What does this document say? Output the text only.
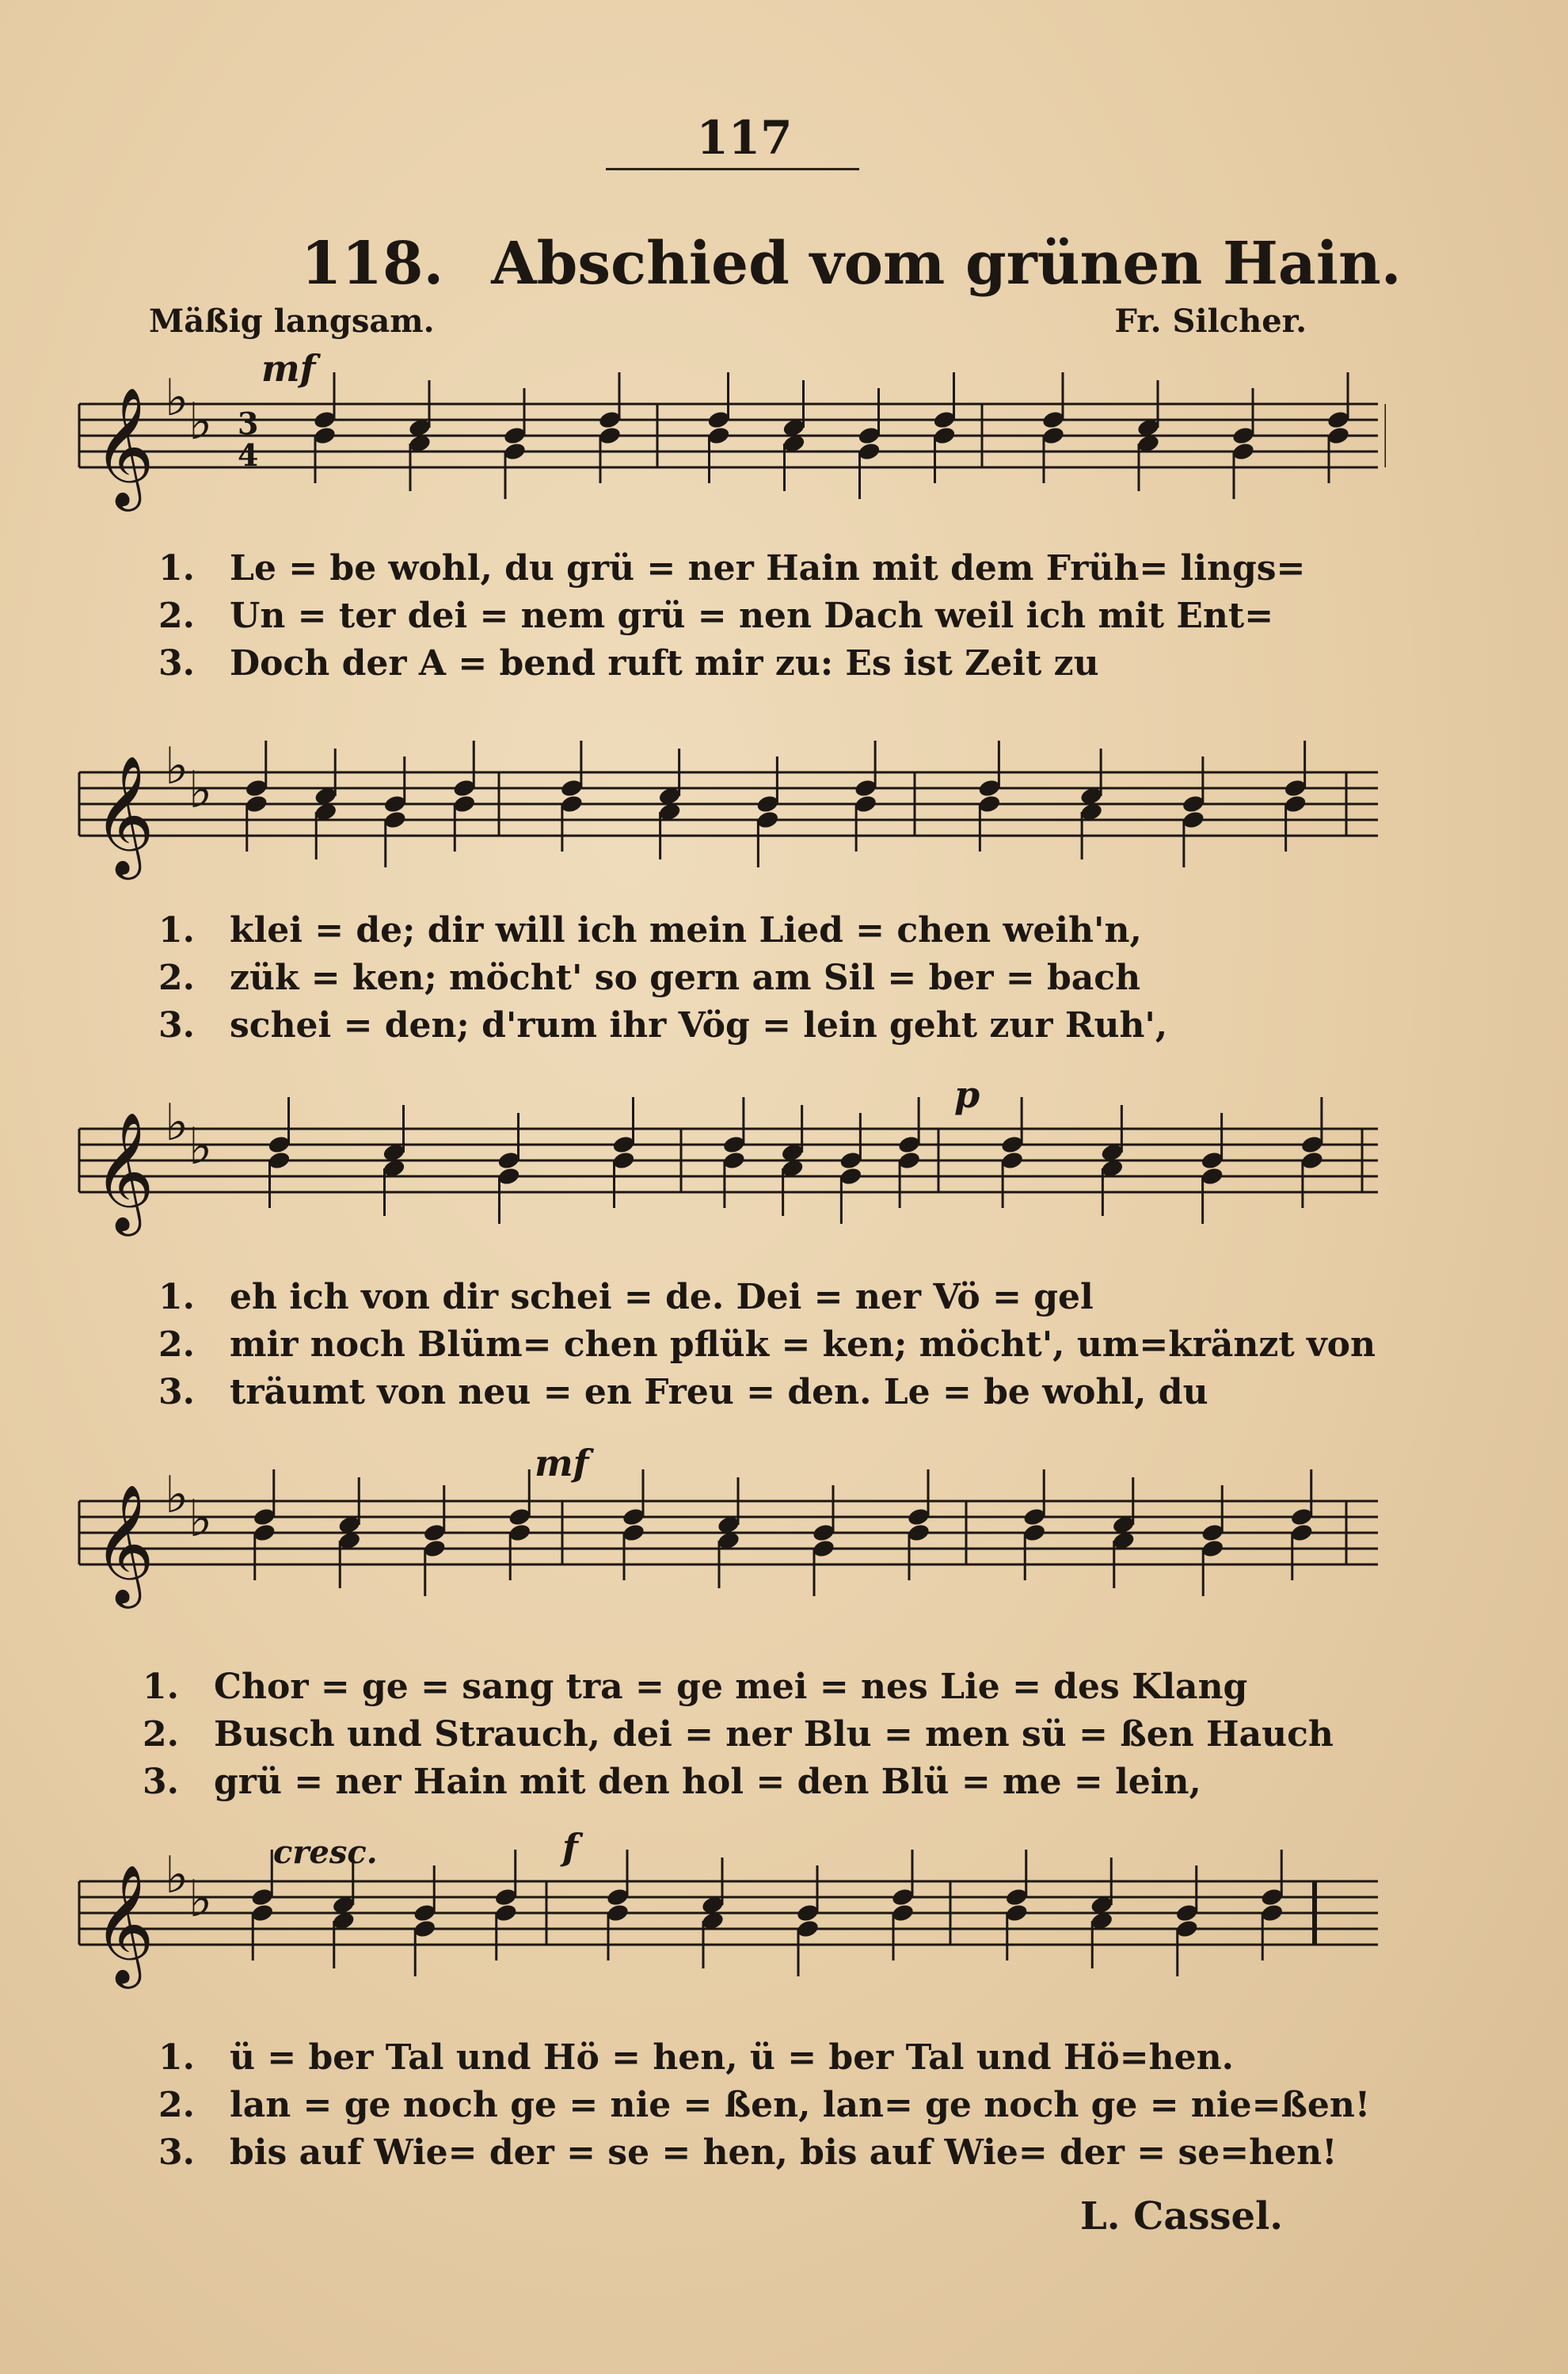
117
118. Abschied vom grünen Hain.
Mäßig langsam.	Fr. Silcher.
mf
p
mf
cresc.	f
𝄞 ♭ ♭ 3
4
𝄞 ♭ ♭
𝄞 ♭ ♭
𝄞 ♭ ♭
𝄞 ♭ ♭
1.	Le = be wohl, du grü = ner Hain mit dem Früh= lings=
2.	Un = ter dei = nem grü = nen Dach weil ich mit Ent=
3.	Doch der A = bend ruft mir zu: Es ist Zeit zu
1.	klei = de; dir will ich mein Lied = chen weih'n,
2.	zük = ken; möcht' so gern am Sil = ber = bach
3.	schei = den; d'rum ihr Vög = lein geht zur Ruh',
1.	eh ich von dir schei = de. Dei = ner Vö = gel
2.	mir noch Blüm= chen pflük = ken; möcht', um=kränzt von
3.	träumt von neu = en Freu = den. Le = be wohl, du
1.	Chor = ge = sang tra = ge mei = nes Lie = des Klang
2.	Busch und Strauch, dei = ner Blu = men sü = ßen Hauch
3.	grü = ner Hain mit den hol = den Blü = me = lein,
1.	ü = ber Tal und Hö = hen, ü = ber Tal und Hö=hen.
2.	lan = ge noch ge = nie = ßen, lan= ge noch ge = nie=ßen!
3.	bis auf Wie= der = se = hen, bis auf Wie= der = se=hen!
L. Cassel.
